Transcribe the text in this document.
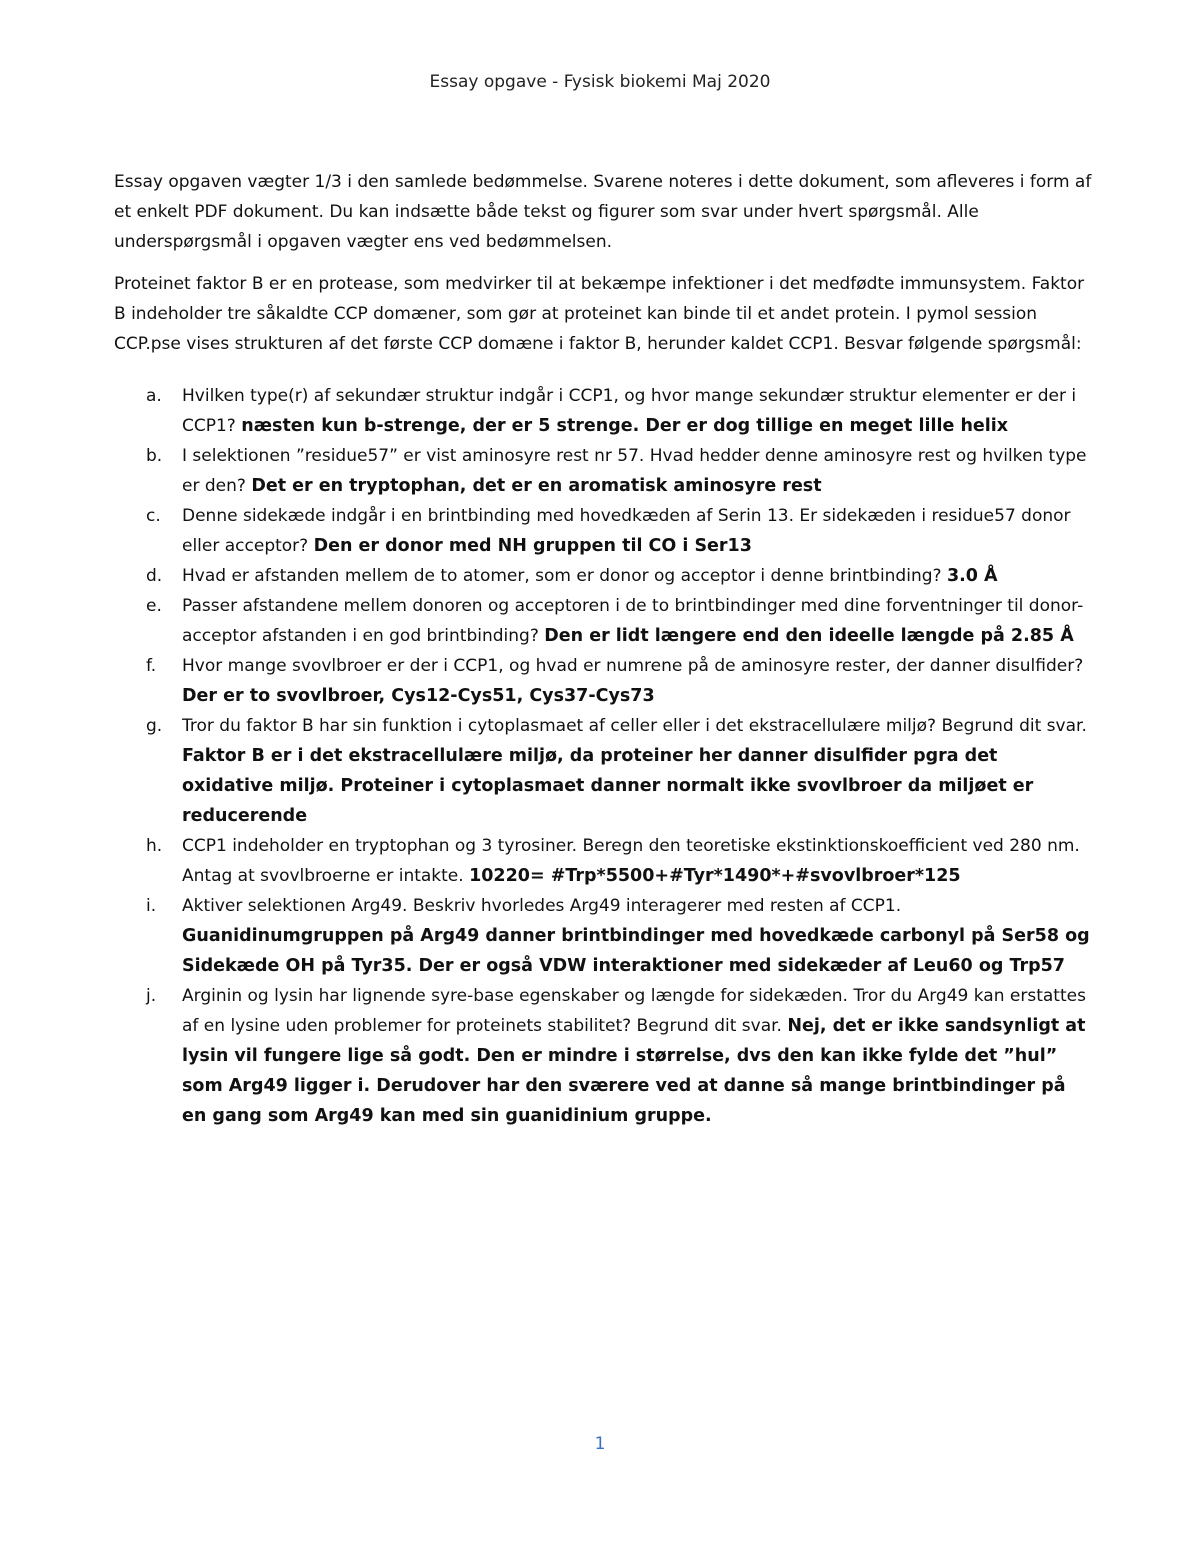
Essay opgave - Fysisk biokemi Maj 2020

Essay opgaven vægter 1/3 i den samlede bedømmelse. Svarene noteres i dette dokument, som afleveres i form af et enkelt PDF dokument. Du kan indsætte både tekst og figurer som svar under hvert spørgsmål. Alle underspørgsmål i opgaven vægter ens ved bedømmelsen.

Proteinet faktor B er en protease, som medvirker til at bekæmpe infektioner i det medfødte immunsystem. Faktor B indeholder tre såkaldte CCP domæner, som gør at proteinet kan binde til et andet protein. I pymol session CCP.pse vises strukturen af det første CCP domæne i faktor B, herunder kaldet CCP1. Besvar følgende spørgsmål:

a. Hvilken type(r) af sekundær struktur indgår i CCP1, og hvor mange sekundær struktur elementer er der i CCP1? næsten kun b-strenge, der er 5 strenge. Der er dog tillige en meget lille helix
b. I selektionen ”residue57” er vist aminosyre rest nr 57. Hvad hedder denne aminosyre rest og hvilken type er den? Det er en tryptophan, det er en aromatisk aminosyre rest
c. Denne sidekæde indgår i en brintbinding med hovedkæden af Serin 13. Er sidekæden i residue57 donor eller acceptor? Den er donor med NH gruppen til CO i Ser13
d. Hvad er afstanden mellem de to atomer, som er donor og acceptor i denne brintbinding? 3.0 Å
e. Passer afstandene mellem donoren og acceptoren i de to brintbindinger med dine forventninger til donor-acceptor afstanden i en god brintbinding? Den er lidt længere end den ideelle længde på 2.85 Å
f. Hvor mange svovlbroer er der i CCP1, og hvad er numrene på de aminosyre rester, der danner disulfider? Der er to svovlbroer, Cys12-Cys51, Cys37-Cys73
g. Tror du faktor B har sin funktion i cytoplasmaet af celler eller i det ekstracellulære miljø? Begrund dit svar. Faktor B er i det ekstracellulære miljø, da proteiner her danner disulfider pgra det oxidative miljø. Proteiner i cytoplasmaet danner normalt ikke svovlbroer da miljøet er reducerende
h. CCP1 indeholder en tryptophan og 3 tyrosiner. Beregn den teoretiske ekstinktionskoefficient ved 280 nm. Antag at svovlbroerne er intakte. 10220= #Trp*5500+#Tyr*1490*+#svovlbroer*125
i. Aktiver selektionen Arg49. Beskriv hvorledes Arg49 interagerer med resten af CCP1.
Guanidinumgruppen på Arg49 danner brintbindinger med hovedkæde carbonyl på Ser58 og Sidekæde OH på Tyr35. Der er også VDW interaktioner med sidekæder af Leu60 og Trp57
j. Arginin og lysin har lignende syre-base egenskaber og længde for sidekæden. Tror du Arg49 kan erstattes af en lysine uden problemer for proteinets stabilitet? Begrund dit svar. Nej, det er ikke sandsynligt at lysin vil fungere lige så godt. Den er mindre i størrelse, dvs den kan ikke fylde det ”hul” som Arg49 ligger i. Derudover har den sværere ved at danne så mange brintbindinger på en gang som Arg49 kan med sin guanidinium gruppe.
1
